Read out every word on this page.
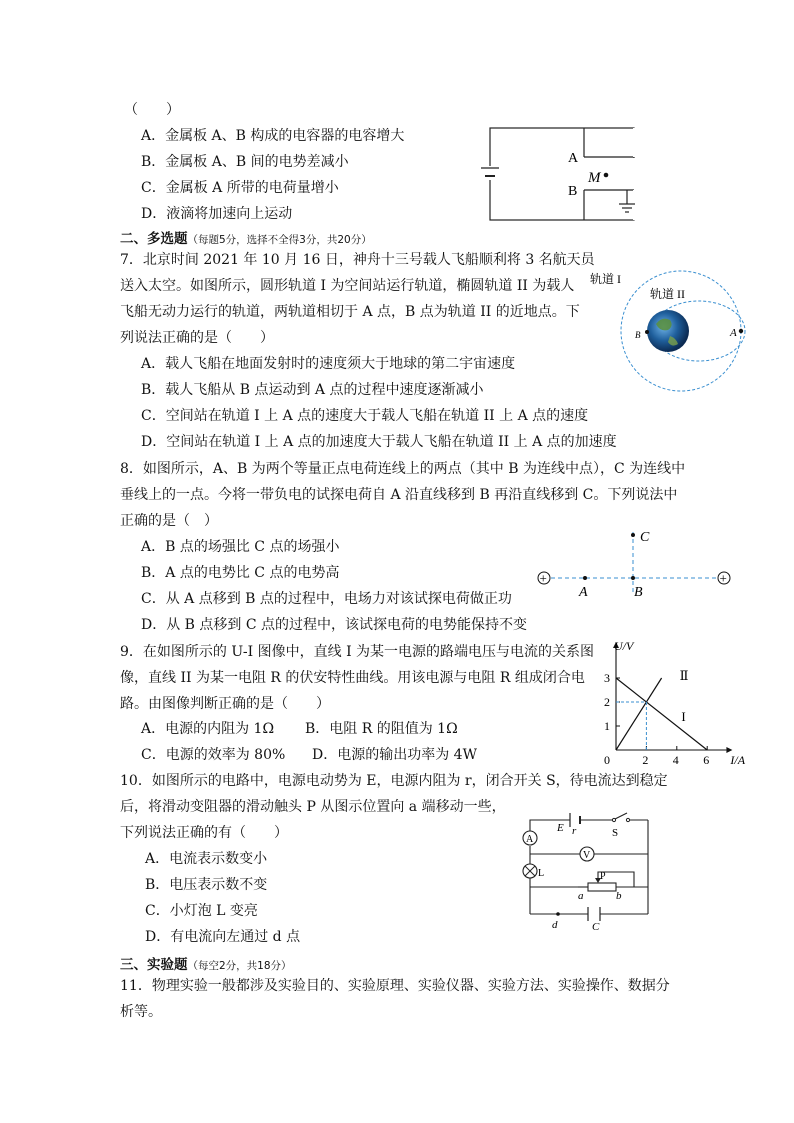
（　　）
A．金属板 A、B 构成的电容器的电容增大
B．金属板 A、B 间的电势差减小
C．金属板 A 所带的电荷量增小
D．液滴将加速向上运动
A
B
M
二、多选题（每题5分，选择不全得3分，共20分）
7．北京时间 2021 年 10 月 16 日，神舟十三号载人飞船顺利将 3 名航天员
送入太空。如图所示，圆形轨道 I 为空间站运行轨道，椭圆轨道 II 为载人
飞船无动力运行的轨道，两轨道相切于 A 点，B 点为轨道 II 的近地点。下
列说法正确的是（　　）
A．载人飞船在地面发射时的速度须大于地球的第二宇宙速度
B．载人飞船从 B 点运动到 A 点的过程中速度逐渐减小
C．空间站在轨道 I 上 A 点的速度大于载人飞船在轨道 II 上 A 点的速度
D．空间站在轨道 I 上 A 点的加速度大于载人飞船在轨道 II 上 A 点的加速度
轨道 I
轨道 II
A
B
8．如图所示，A、B 为两个等量正点电荷连线上的两点（其中 B 为连线中点），C 为连线中
垂线上的一点。今将一带负电的试探电荷自 A 沿直线移到 B 再沿直线移到 C。下列说法中
正确的是（　）
A．B 点的场强比 C 点的场强小
B．A 点的电势比 C 点的电势高
C．从 A 点移到 B 点的过程中，电场力对该试探电荷做正功
D．从 B 点移到 C 点的过程中，该试探电荷的电势能保持不变
+	+
A	B
C
9．在如图所示的 U-I 图像中，直线 I 为某一电源的路端电压与电流的关系图
像，直线 II 为某一电阻 R 的伏安特性曲线。用该电源与电阻 R 组成闭合电
路。由图像判断正确的是（　　）
A．电源的内阻为 1Ω B．电阻 R 的阻值为 1Ω
C．电源的效率为 80% D．电源的输出功率为 4W
1
2
3
0	2 4 6
U/V
I/A
I
Ⅱ
10．如图所示的电路中，电源电动势为 E，电源内阻为 r，闭合开关 S，待电流达到稳定
后，将滑动变阻器的滑动触头 P 从图示位置向 a 端移动一些，
下列说法正确的有（　　）
A．电流表示数变小
B．电压表示数不变
C．小灯泡 L 变亮
D．有电流向左通过 d 点
E r	S
A
V
L	P
a	b
d	C
三、实验题（每空2分，共18分）
11．物理实验一般都涉及实验目的、实验原理、实验仪器、实验方法、实验操作、数据分
析等。
